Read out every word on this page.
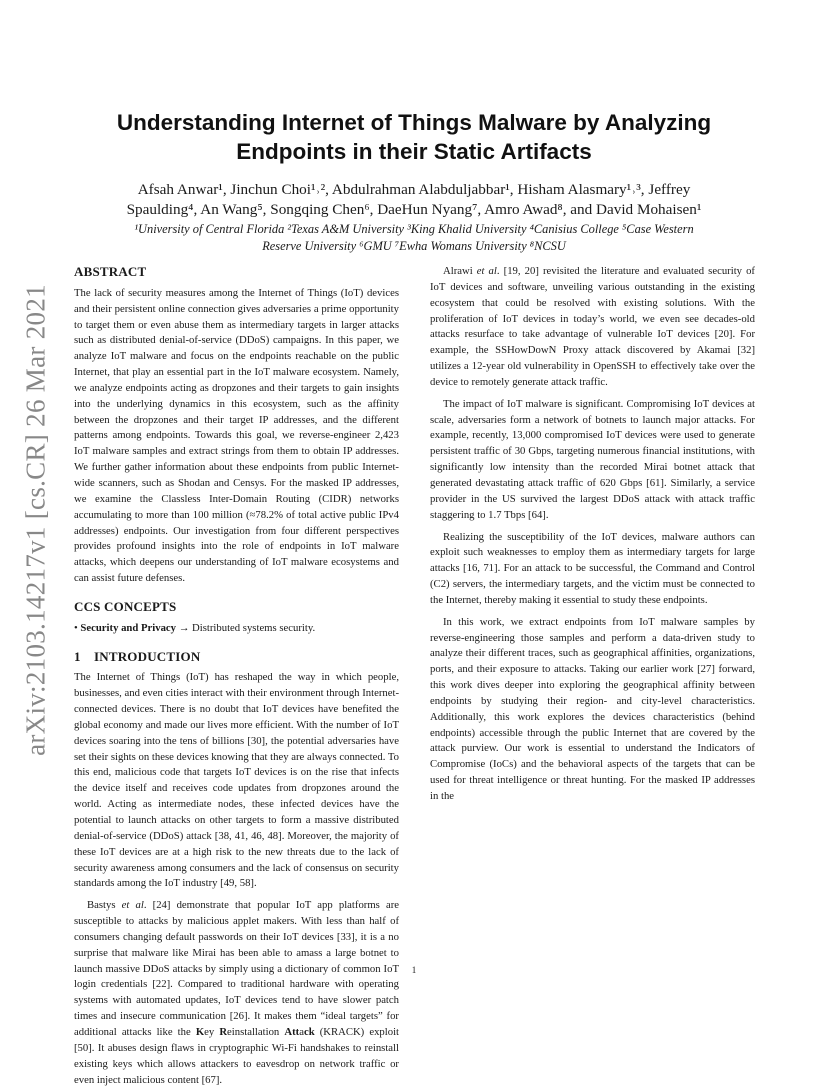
arXiv:2103.14217v1 [cs.CR] 26 Mar 2021
Understanding Internet of Things Malware by Analyzing
Endpoints in their Static Artifacts
Afsah Anwar¹, Jinchun Choi¹˒², Abdulrahman Alabduljabbar¹, Hisham Alasmary¹˒³, Jeffrey
Spaulding⁴, An Wang⁵, Songqing Chen⁶, DaeHun Nyang⁷, Amro Awad⁸, and David Mohaisen¹
¹University of Central Florida ²Texas A&M University ³King Khalid University ⁴Canisius College ⁵Case Western
Reserve University ⁶GMU ⁷Ewha Womans University ⁸NCSU
ABSTRACT

The lack of security measures among the Internet of Things (IoT) devices and their persistent online connection gives adversaries a prime opportunity to target them or even abuse them as intermediary targets in larger attacks such as distributed denial-of-service (DDoS) campaigns. In this paper, we analyze IoT malware and focus on the endpoints reachable on the public Internet, that play an essential part in the IoT malware ecosystem. Namely, we analyze endpoints acting as dropzones and their targets to gain insights into the underlying dynamics in this ecosystem, such as the affinity between the dropzones and their target IP addresses, and the different patterns among endpoints. Towards this goal, we reverse-engineer 2,423 IoT malware samples and extract strings from them to obtain IP addresses. We further gather information about these endpoints from public Internet-wide scanners, such as Shodan and Censys. For the masked IP addresses, we examine the Classless Inter-Domain Routing (CIDR) networks accumulating to more than 100 million (≈78.2% of total active public IPv4 addresses) endpoints. Our investigation from four different perspectives provides profound insights into the role of endpoints in IoT malware attacks, which deepens our understanding of IoT malware ecosystems and can assist future defenses.

CCS CONCEPTS

• Security and Privacy → Distributed systems security.

1 INTRODUCTION

The Internet of Things (IoT) has reshaped the way in which people, businesses, and even cities interact with their environment through Internet-connected devices. There is no doubt that IoT devices have benefited the global economy and made our lives more efficient. With the number of IoT devices soaring into the tens of billions [30], the potential adversaries have set their sights on these devices knowing that they are always connected. To this end, malicious code that targets IoT devices is on the rise that infects the device itself and receives code updates from dropzones around the world. Acting as intermediate nodes, these infected devices have the potential to launch attacks on other targets to form a massive distributed denial-of-service (DDoS) attack [38, 41, 46, 48]. Moreover, the majority of these IoT devices are at a high risk to the new threats due to the lack of security awareness among consumers and the lack of consensus on security standards among the IoT industry [49, 58].

Bastys et al. [24] demonstrate that popular IoT app platforms are susceptible to attacks by malicious applet makers. With less than half of consumers changing default passwords on their IoT devices [33], it is a no surprise that malware like Mirai has been able to amass a large botnet to launch massive DDoS attacks by simply using a dictionary of common IoT login credentials [22]. Compared to traditional hardware with operating systems with automated updates, IoT devices tend to have slower patch times and insecure communication [26]. It makes them “ideal targets” for additional attacks like the Key Reinstallation Attack (KRACK) exploit [50]. It abuses design flaws in cryptographic Wi-Fi handshakes to reinstall existing keys which allows attackers to eavesdrop on network traffic or even inject malicious content [67].

Alrawi et al. [19, 20] revisited the literature and evaluated security of IoT devices and software, unveiling various outstanding in the existing ecosystem that could be resolved with existing solutions. With the proliferation of IoT devices in today’s world, we even see decades-old attacks resurface to take advantage of vulnerable IoT devices [20]. For example, the SSHowDowN Proxy attack discovered by Akamai [32] utilizes a 12-year old vulnerability in OpenSSH to effectively take over the device to remotely generate attack traffic.

The impact of IoT malware is significant. Compromising IoT devices at scale, adversaries form a network of botnets to launch major attacks. For example, recently, 13,000 compromised IoT devices were used to generate persistent traffic of 30 Gbps, targeting numerous financial institutions, with significantly low intensity than the recorded Mirai botnet attack that generated devastating attack traffic of 620 Gbps [61]. Similarly, a service provider in the US survived the largest DDoS attack with attack traffic staggering to 1.7 Tbps [64].

Realizing the susceptibility of the IoT devices, malware authors can exploit such weaknesses to employ them as intermediary targets for large attacks [16, 71]. For an attack to be successful, the Command and Control (C2) servers, the intermediary targets, and the victim must be connected to the Internet, thereby making it essential to study these endpoints.

In this work, we extract endpoints from IoT malware samples by reverse-engineering those samples and perform a data-driven study to analyze their different traces, such as geographical affinities, organizations, ports, and their exposure to attacks. Taking our earlier work [27] forward, this work dives deeper into exploring the geographical affinity between endpoints by studying their region- and city-level characteristics. Additionally, this work explores the devices characteristics (behind endpoints) accessible through the public Internet that are covered by the attack purview. Our work is essential to understand the Indicators of Compromise (IoCs) and the behavioral aspects of the targets that can be used for threat intelligence or threat hunting. For the masked IP addresses in the

1
